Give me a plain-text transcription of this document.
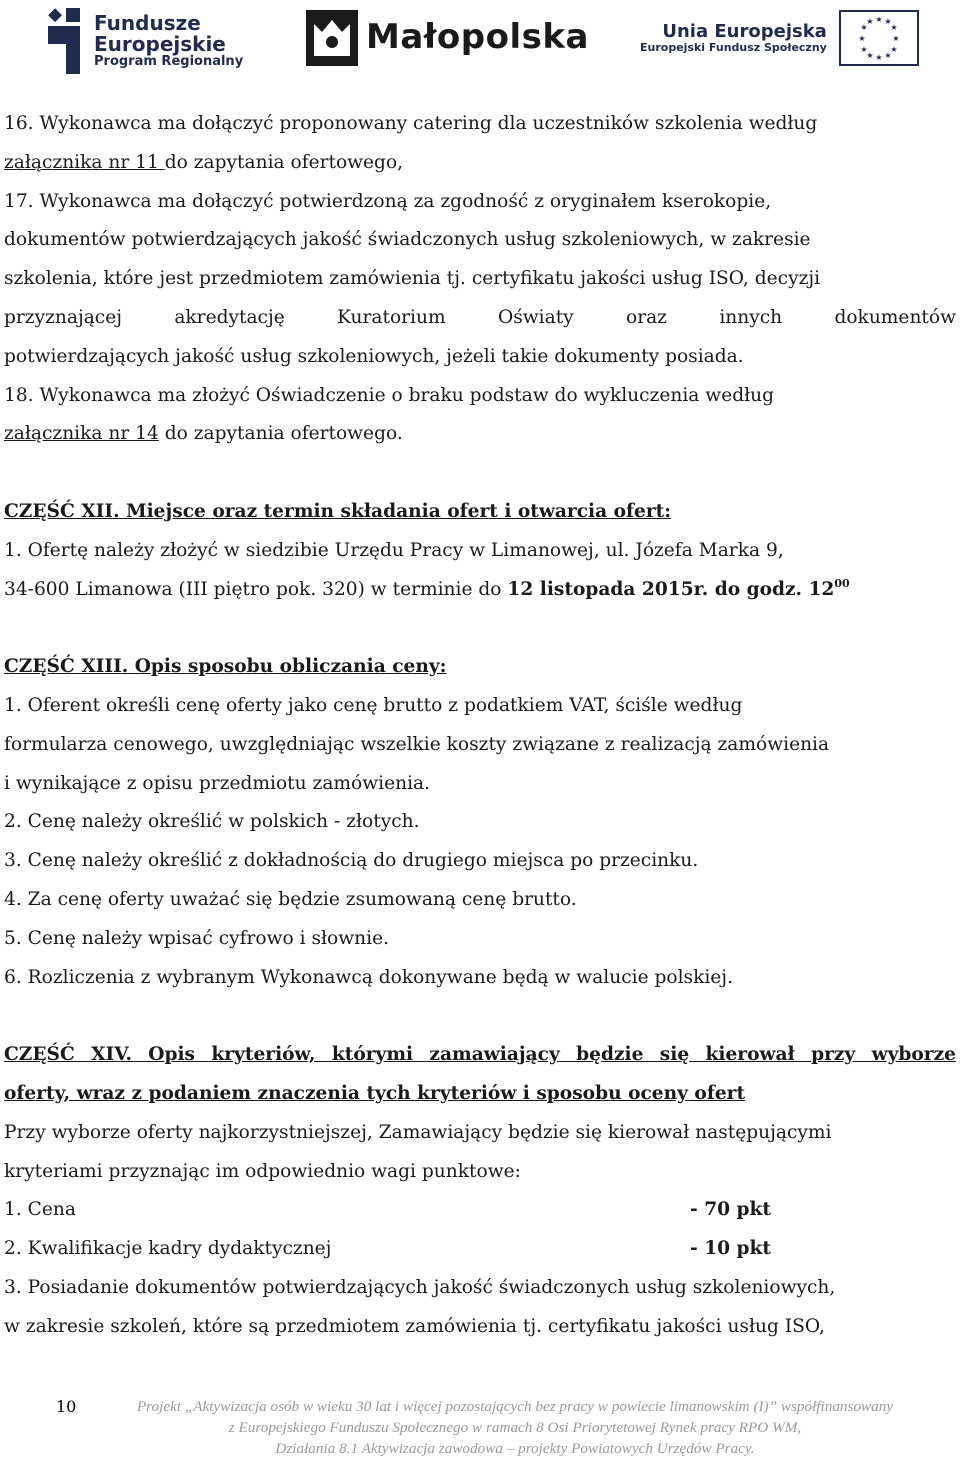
Fundusze
Europejskie
Program Regionalny
Małopolska	Unia Europejska
Europejski Fundusz Społeczny
★ ★
★
★
★
★
★
★
★
★
★
★

16. Wykonawca ma dołączyć proponowany catering dla uczestników szkolenia według

załącznika nr 11 do zapytania ofertowego,

17. Wykonawca ma dołączyć potwierdzoną za zgodność z oryginałem kserokopie,

dokumentów potwierdzających jakość świadczonych usług szkoleniowych, w zakresie

szkolenia, które jest przedmiotem zamówienia tj. certyfikatu jakości usług ISO, decyzji

przyznającej akredytację Kuratorium Oświaty oraz innych dokumentów

potwierdzających jakość usług szkoleniowych, jeżeli takie dokumenty posiada.

18. Wykonawca ma złożyć Oświadczenie o braku podstaw do wykluczenia według

załącznika nr 14 do zapytania ofertowego.

CZĘŚĆ XII. Miejsce oraz termin składania ofert i otwarcia ofert:

1. Ofertę należy złożyć w siedzibie Urzędu Pracy w Limanowej, ul. Józefa Marka 9,

34-600 Limanowa (III piętro pok. 320) w terminie do 12 listopada 2015r. do godz. $12^{00}$

CZĘŚĆ XIII. Opis sposobu obliczania ceny:

1. Oferent określi cenę oferty jako cenę brutto z podatkiem VAT, ściśle według

formularza cenowego, uwzględniając wszelkie koszty związane z realizacją zamówienia

i wynikające z opisu przedmiotu zamówienia.

2. Cenę należy określić w polskich - złotych.

3. Cenę należy określić z dokładnością do drugiego miejsca po przecinku.

4. Za cenę oferty uważać się będzie zsumowaną cenę brutto.

5. Cenę należy wpisać cyfrowo i słownie.

6. Rozliczenia z wybranym Wykonawcą dokonywane będą w walucie polskiej.

CZĘŚĆ XIV. Opis kryteriów, którymi zamawiający będzie się kierował przy wyborze

oferty, wraz z podaniem znaczenia tych kryteriów i sposobu oceny ofert

Przy wyborze oferty najkorzystniejszej, Zamawiający będzie się kierował następującymi

kryteriami przyznając im odpowiednio wagi punktowe:

1. Cena	- 70 pkt
2. Kwalifikacje kadry dydaktycznej	- 10 pkt

3. Posiadanie dokumentów potwierdzających jakość świadczonych usług szkoleniowych,

w zakresie szkoleń, które są przedmiotem zamówienia tj. certyfikatu jakości usług ISO,

10	Projekt „Aktywizacja osób w wieku 30 lat i więcej pozostających bez pracy w powiecie limanowskim (I)” współfinansowany
z Europejskiego Funduszu Społecznego w ramach 8 Osi Priorytetowej Rynek pracy RPO WM,
Działania 8.1 Aktywizacja zawodowa – projekty Powiatowych Urzędów Pracy.
